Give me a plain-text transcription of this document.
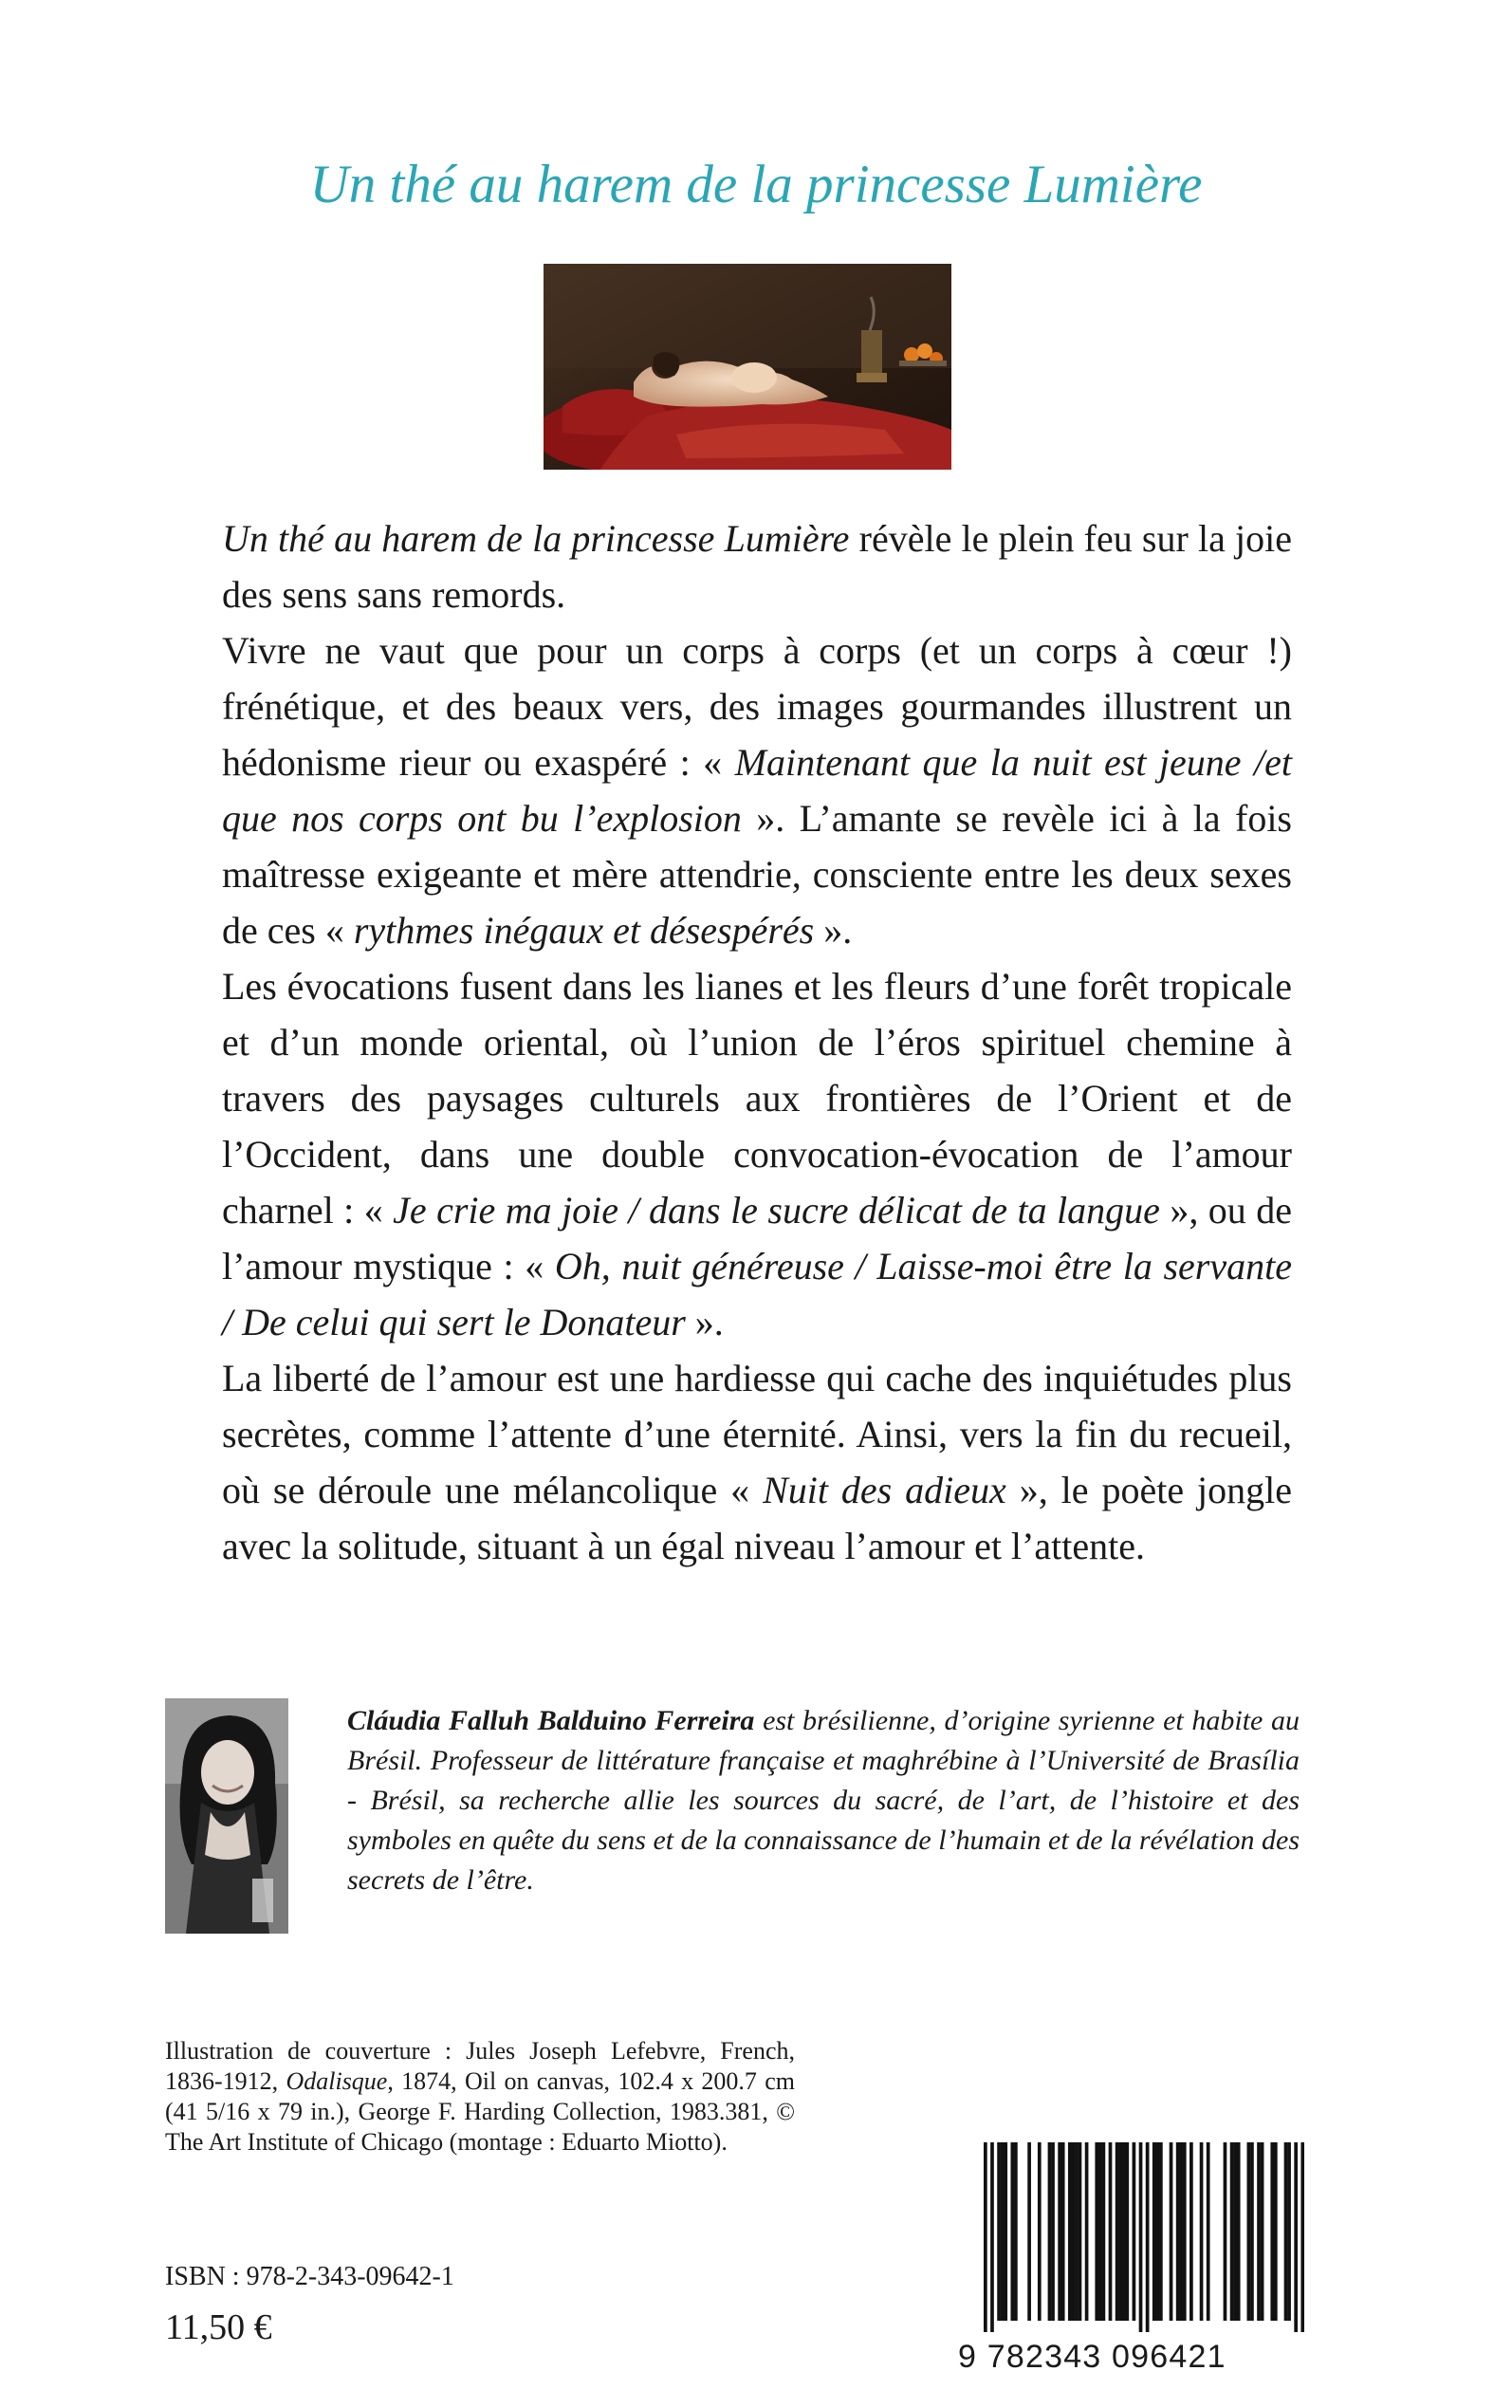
Un thé au harem de la princesse Lumière

Un thé au harem de la princesse Lumière révèle le plein feu sur la joie des sens sans remords.

Vivre ne vaut que pour un corps à corps (et un corps à cœur !) frénétique, et des beaux vers, des images gourmandes illustrent un hédonisme rieur ou exaspéré : « Maintenant que la nuit est jeune /et que nos corps ont bu l’explosion ». L’amante se revèle ici à la fois maîtresse exigeante et mère attendrie, consciente entre les deux sexes de ces « rythmes inégaux et désespérés ».

Les évocations fusent dans les lianes et les fleurs d’une forêt tropicale et d’un monde oriental, où l’union de l’éros spirituel chemine à travers des paysages culturels aux frontières de l’Orient et de l’Occident, dans une double convocation-évocation de l’amour charnel : « Je crie ma joie / dans le sucre délicat de ta langue », ou de l’amour mystique : « Oh, nuit généreuse / Laisse-moi être la servante / De celui qui sert le Donateur ».

La liberté de l’amour est une hardiesse qui cache des inquiétudes plus secrètes, comme l’attente d’une éternité. Ainsi, vers la fin du recueil, où se déroule une mélancolique « Nuit des adieux », le poète jongle avec la solitude, situant à un égal niveau l’amour et l’attente.

Cláudia Falluh Balduino Ferreira est brésilienne, d’origine syrienne et habite au Brésil. Professeur de littérature française et maghrébine à l’Université de Brasília - Brésil, sa recherche allie les sources du sacré, de l’art, de l’histoire et des symboles en quête du sens et de la connaissance de l’humain et de la révélation des secrets de l’être.

Illustration de couverture : Jules Joseph Lefebvre, French, 1836-1912, Odalisque, 1874, Oil on canvas, 102.4 x 200.7 cm (41 5/16 x 79 in.), George F. Harding Collection, 1983.381, © The Art Institute of Chicago (montage : Eduarto Miotto).
ISBN : 978-2-343-09642-1
11,50 €
9 782343 096421
